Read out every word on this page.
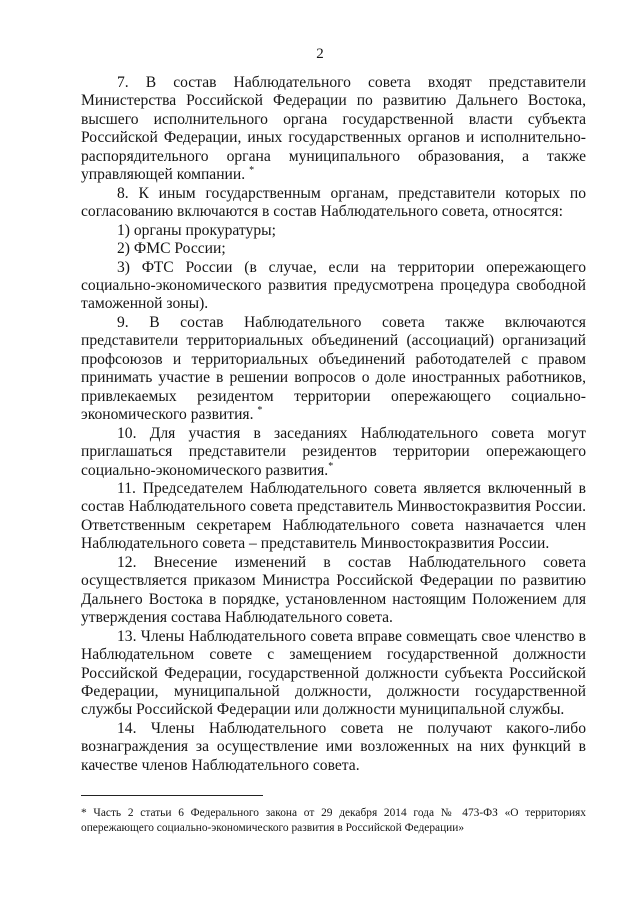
2

7. В состав Наблюдательного совета входят представители Министерства Российской Федерации по развитию Дальнего Востока, высшего исполнительного органа государственной власти субъекта Российской Федерации, иных государственных органов и исполнительно-распорядительного органа муниципального образования, а также управляющей компании. *

8. К иным государственным органам, представители которых по согласованию включаются в состав Наблюдательного совета, относятся:

1) органы прокуратуры;

2) ФМС России;

3) ФТС России (в случае, если на территории опережающего социально-экономического развития предусмотрена процедура свободной таможенной зоны).

9. В состав Наблюдательного совета также включаются представители территориальных объединений (ассоциаций) организаций профсоюзов и территориальных объединений работодателей с правом принимать участие в решении вопросов о доле иностранных работников, привлекаемых резидентом территории опережающего социально-экономического развития. *

10. Для участия в заседаниях Наблюдательного совета могут приглашаться представители резидентов территории опережающего социально-экономического развития.*

11. Председателем Наблюдательного совета является включенный в состав Наблюдательного совета представитель Минвостокразвития России. Ответственным секретарем Наблюдательного совета назначается член Наблюдательного совета – представитель Минвостокразвития России.

12. Внесение изменений в состав Наблюдательного совета осуществляется приказом Министра Российской Федерации по развитию Дальнего Востока в порядке, установленном настоящим Положением для утверждения состава Наблюдательного совета.

13. Члены Наблюдательного совета вправе совмещать свое членство в Наблюдательном совете с замещением государственной должности Российской Федерации, государственной должности субъекта Российской Федерации, муниципальной должности, должности государственной службы Российской Федерации или должности муниципальной службы.

14. Члены Наблюдательного совета не получают какого-либо вознаграждения за осуществление ими возложенных на них функций в качестве членов Наблюдательного совета.

* Часть 2 статьи 6 Федерального закона от 29 декабря 2014 года № 473-ФЗ «О территориях опережающего социально-экономического развития в Российской Федерации»
